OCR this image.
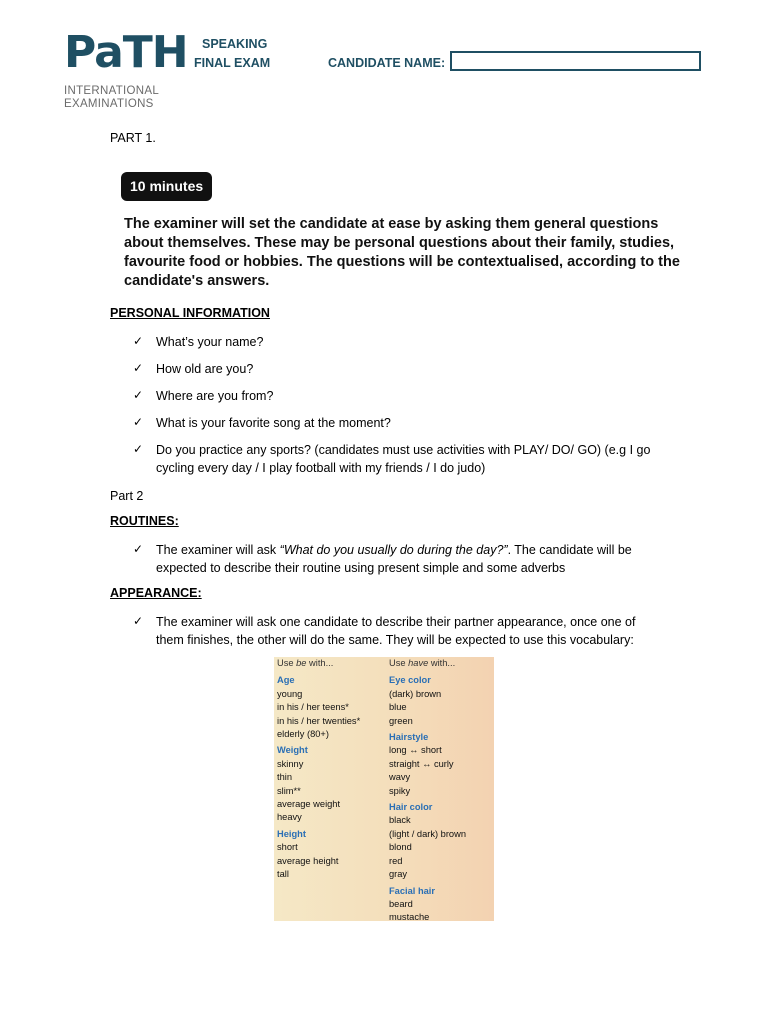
PaTH
INTERNATIONAL
EXAMINATIONS
SPEAKING
FINAL EXAM	CANDIDATE NAME:
PART 1.
10 minutes
The examiner will set the candidate at ease by asking them general questions about themselves. These may be personal questions about their family, studies, favourite food or hobbies. The questions will be contextualised, according to the candidate's answers.
PERSONAL INFORMATION
✓ What’s your name?
✓ How old are you?
✓ Where are you from?
✓ What is your favorite song at the moment?
✓ Do you practice any sports? (candidates must use activities with PLAY/ DO/ GO) (e.g I go cycling every day / I play football with my friends / I do judo)
Part 2
ROUTINES:
✓ The examiner will ask “What do you usually do during the day?”. The candidate will be expected to describe their routine using present simple and some adverbs
APPEARANCE:
✓ The examiner will ask one candidate to describe their partner appearance, once one of them finishes, the other will do the same. They will be expected to use this vocabulary:
Use be with...
Age
young
in his / her teens*
in his / her twenties*
elderly (80+)
Weight
skinny
thin
slim**
average weight
heavy
Height
short
average height
tall
Use have with...
Eye color
(dark) brown
blue
green
Hairstyle
long ↔ short
straight ↔ curly
wavy
spiky
Hair color
black
(light / dark) brown
blond
red
gray
Facial hair
beard
mustache
